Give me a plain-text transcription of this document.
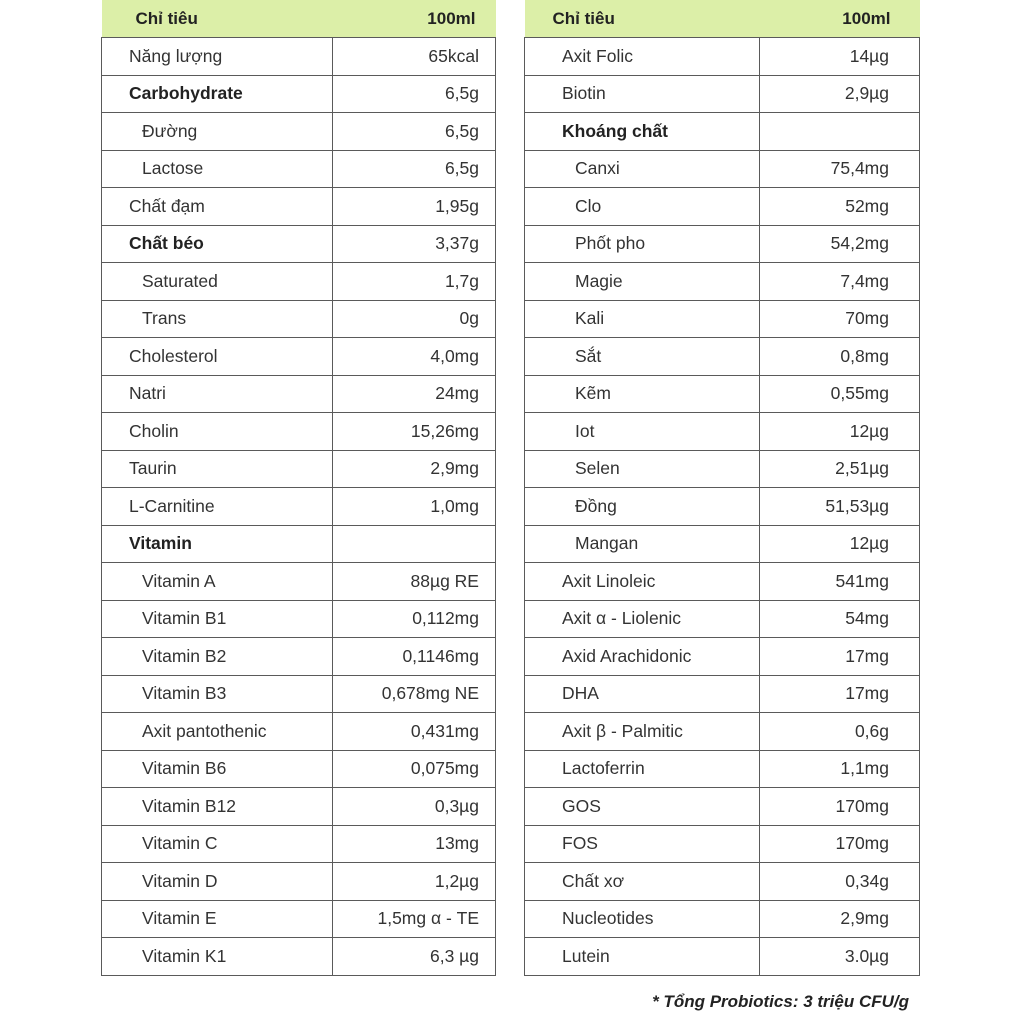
Chỉ tiêu	100ml
Năng lượng	65kcal
Carbohydrate	6,5g
Đường	6,5g
Lactose	6,5g
Chất đạm	1,95g
Chất béo	3,37g
Saturated	1,7g
Trans	0g
Cholesterol	4,0mg
Natri	24mg
Cholin	15,26mg
Taurin	2,9mg
L-Carnitine	1,0mg
Vitamin	
Vitamin A	88µg RE
Vitamin B1	0,112mg
Vitamin B2	0,1146mg
Vitamin B3	0,678mg NE
Axit pantothenic	0,431mg
Vitamin B6	0,075mg
Vitamin B12	0,3µg
Vitamin C	13mg
Vitamin D	1,2µg
Vitamin E	1,5mg α - TE
Vitamin K1	6,3 µg
Chỉ tiêu	100ml
Axit Folic	14µg
Biotin	2,9µg
Khoáng chất	
Canxi	75,4mg
Clo	52mg
Phốt pho	54,2mg
Magie	7,4mg
Kali	70mg
Sắt	0,8mg
Kẽm	0,55mg
Iot	12µg
Selen	2,51µg
Đồng	51,53µg
Mangan	12µg
Axit Linoleic	541mg
Axit α - Liolenic	54mg
Axid Arachidonic	17mg
DHA	17mg
Axit β - Palmitic	0,6g
Lactoferrin	1,1mg
GOS	170mg
FOS	170mg
Chất xơ	0,34g
Nucleotides	2,9mg
Lutein	3.0µg
* Tổng Probiotics: 3 triệu CFU/g
